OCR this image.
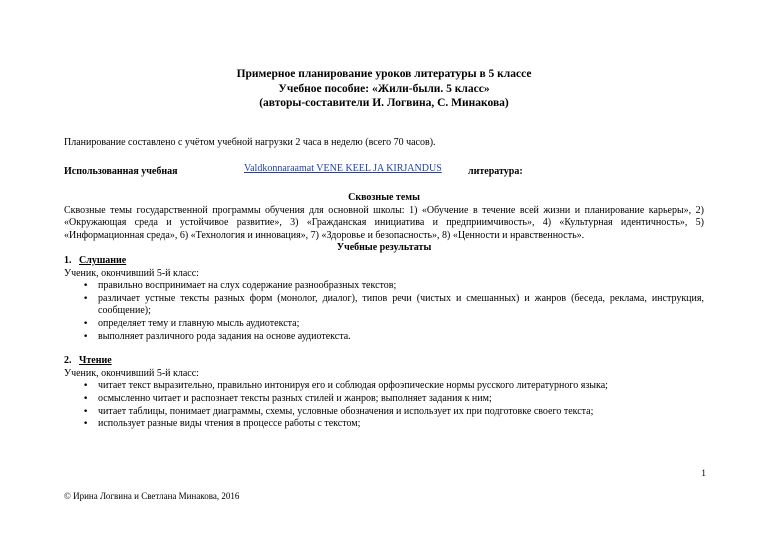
Примерное планирование уроков литературы в 5 классе
Учебное пособие: «Жили-были. 5 класс»
(авторы-составители И. Логвина, С. Минакова)
Планирование составлено с учётом учебной нагрузки 2 часа в неделю (всего 70 часов).
Использованная учебная	Valdkonnaraamat VENE KEEL JA KIRJANDUS	литература:
Сквозные темы
Сквозные темы государственной программы обучения для основной школы: 1) «Обучение в течение всей жизни и планирование карьеры», 2) «Окружающая среда и устойчивое развитие», 3) «Гражданская инициатива и предприимчивость», 4) «Культурная идентичность», 5) «Информационная среда», 6) «Технология и инновация», 7) «Здоровье и безопасность», 8) «Ценности и нравственность».
Учебные результаты
1. Слушание
Ученик, окончивший 5-й класс:
• правильно воспринимает на слух содержание разнообразных текстов;
• различает устные тексты разных форм (монолог, диалог), типов речи (чистых и смешанных) и жанров (беседа, реклама, инструкция, сообщение);
• определяет тему и главную мысль аудиотекста;
• выполняет различного рода задания на основе аудиотекста.
2. Чтение
Ученик, окончивший 5-й класс:
• читает текст выразительно, правильно интонируя его и соблюдая орфоэпические нормы русского литературного языка;
• осмысленно читает и распознает тексты разных стилей и жанров; выполняет задания к ним;
• читает таблицы, понимает диаграммы, схемы, условные обозначения и использует их при подготовке своего текста;
• использует разные виды чтения в процессе работы с текстом;
1
© Ирина Логвина и Светлана Минакова, 2016
